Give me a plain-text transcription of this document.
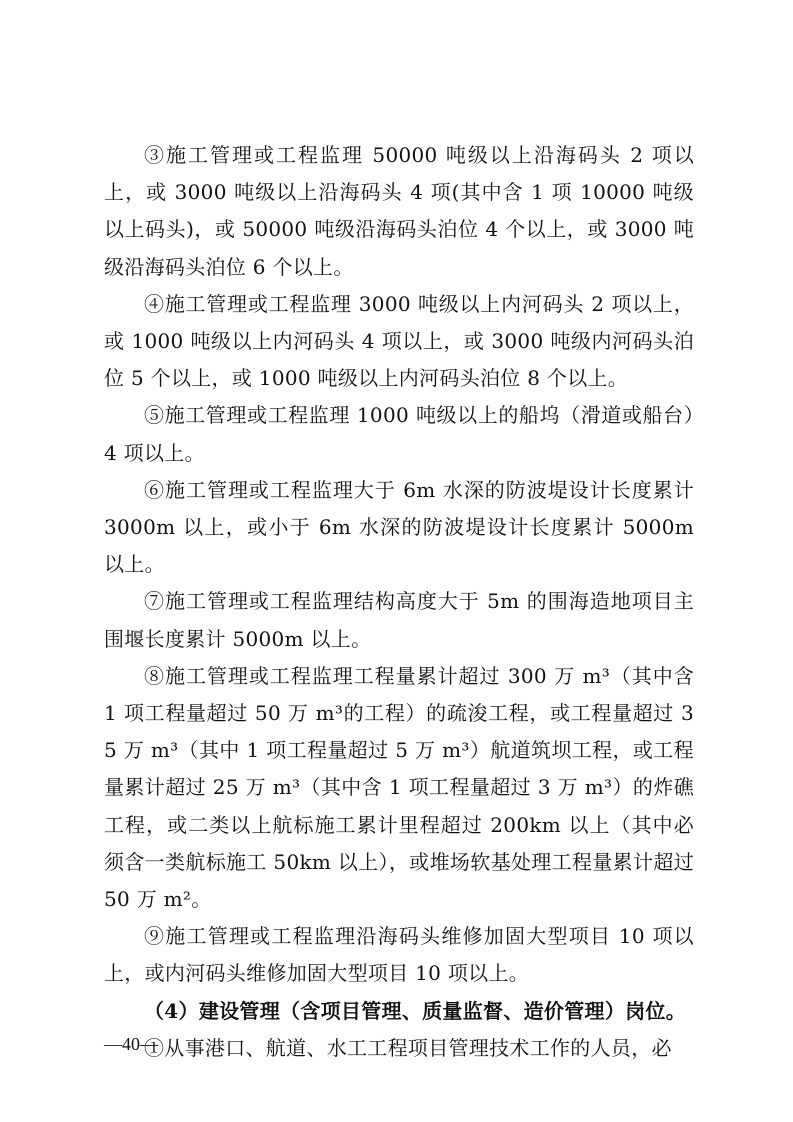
③施工管理或工程监理 50000 吨级以上沿海码头 2 项以上，或 3000 吨级以上沿海码头 4 项(其中含 1 项 10000 吨级以上码头)，或 50000 吨级沿海码头泊位 4 个以上，或 3000 吨级沿海码头泊位 6 个以上。

④施工管理或工程监理 3000 吨级以上内河码头 2 项以上，或 1000 吨级以上内河码头 4 项以上，或 3000 吨级内河码头泊位 5 个以上，或 1000 吨级以上内河码头泊位 8 个以上。

⑤施工管理或工程监理 1000 吨级以上的船坞（滑道或船台）4 项以上。

⑥施工管理或工程监理大于 6m 水深的防波堤设计长度累计 3000m 以上，或小于 6m 水深的防波堤设计长度累计 5000m 以上。

⑦施工管理或工程监理结构高度大于 5m 的围海造地项目主围堰长度累计 5000m 以上。

⑧施工管理或工程监理工程量累计超过 300 万 m³（其中含 1 项工程量超过 50 万 m³的工程）的疏浚工程，或工程量超过 35 万 m³（其中 1 项工程量超过 5 万 m³）航道筑坝工程，或工程量累计超过 25 万 m³（其中含 1 项工程量超过 3 万 m³）的炸礁工程，或二类以上航标施工累计里程超过 200km 以上（其中必须含一类航标施工 50km 以上），或堆场软基处理工程量累计超过 50 万 m²。

⑨施工管理或工程监理沿海码头维修加固大型项目 10 项以上，或内河码头维修加固大型项目 10 项以上。

（4）建设管理（含项目管理、质量监督、造价管理）岗位。

①从事港口、航道、水工工程项目管理技术工作的人员，必

—40—
